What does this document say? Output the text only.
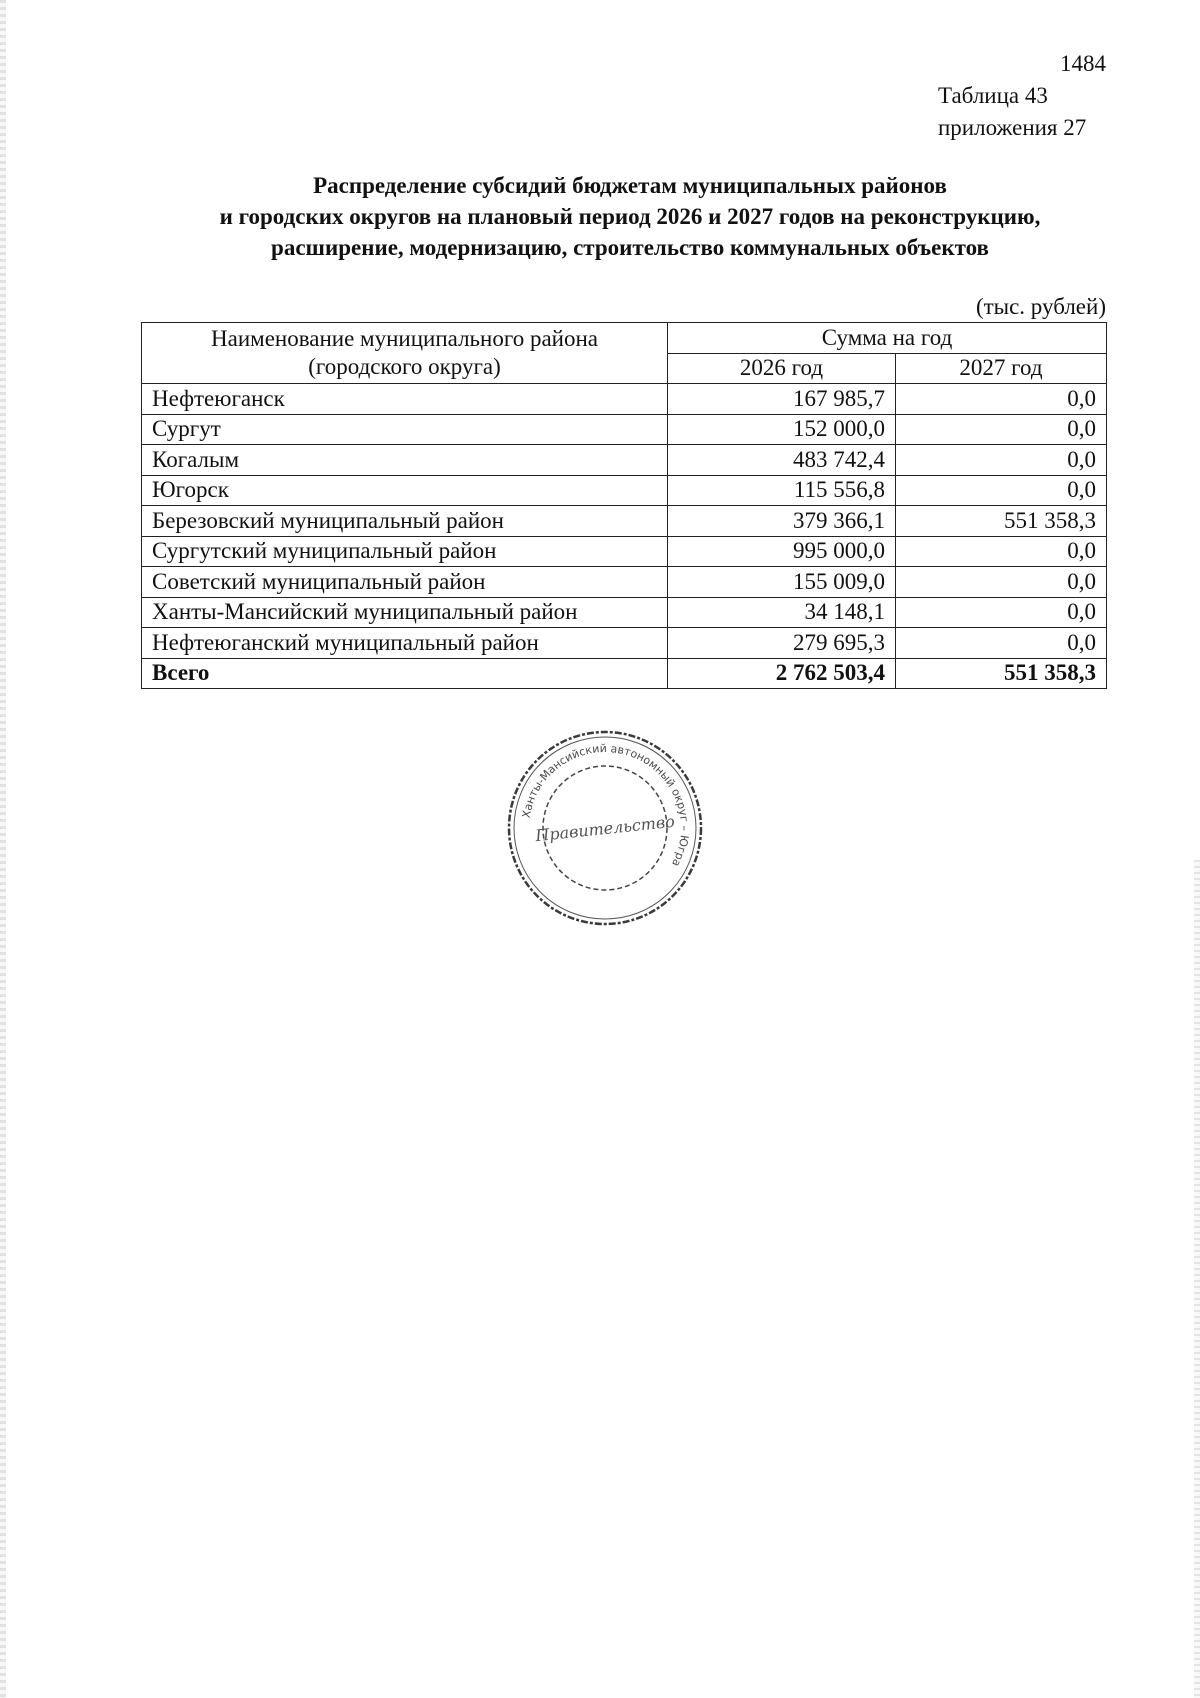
1484
Таблица 43
приложения 27
Распределение субсидий бюджетам муниципальных районов
и городских округов на плановый период 2026 и 2027 годов на реконструкцию,
расширение, модернизацию, строительство коммунальных объектов
(тыс. рублей)
Наименование муниципального района
(городского округа)	Сумма на год	
	2026 год	2027 год
Нефтеюганск	167 985,7	0,0
Сургут	152 000,0	0,0
Когалым	483 742,4	0,0
Югорск	115 556,8	0,0
Березовский муниципальный район	379 366,1	551 358,3
Сургутский муниципальный район	995 000,0	0,0
Советский муниципальный район	155 009,0	0,0
Ханты-Мансийский муниципальный район	34 148,1	0,0
Нефтеюганский муниципальный район	279 695,3	0,0
Всего	2 762 503,4	551 358,3
Ханты-Мансийский автономный округ – Югра
Правительство
